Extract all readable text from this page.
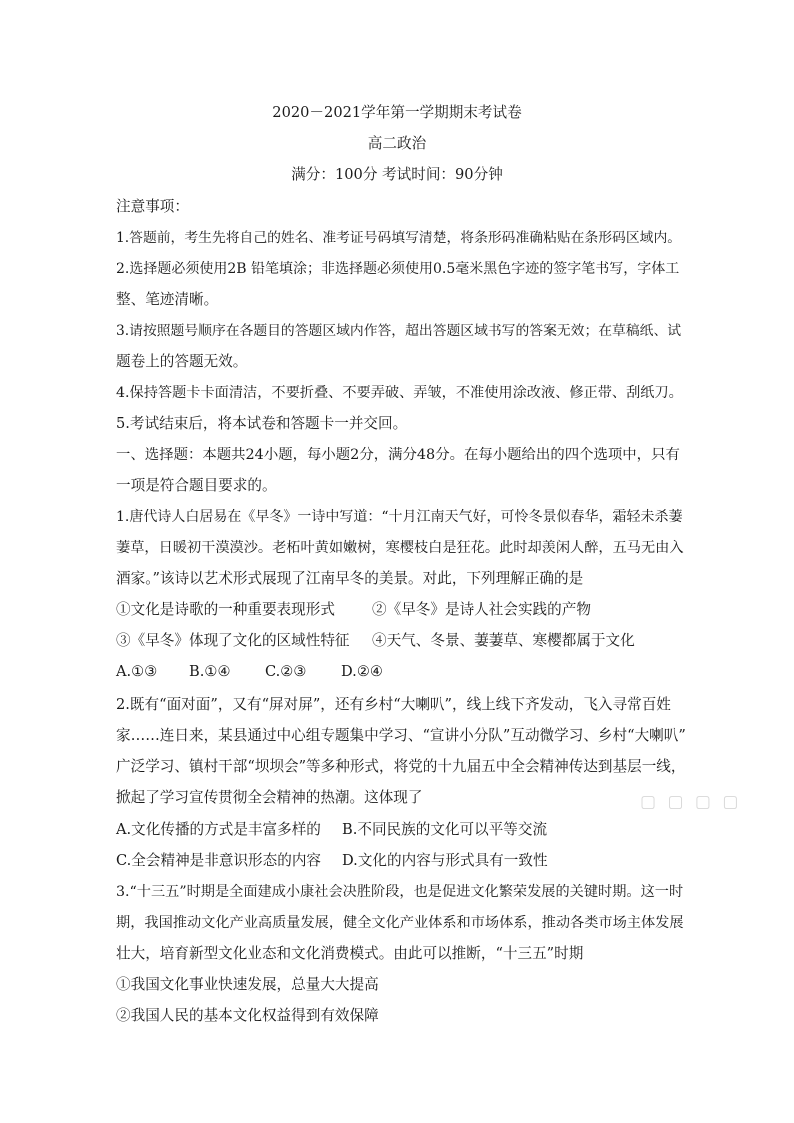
2020－2021学年第一学期期末考试卷
高二政治
满分：100分 考试时间：90分钟
注意事项：
1.答题前，考生先将自己的姓名、准考证号码填写清楚，将条形码准确粘贴在条形码区域内。
2.选择题必须使用2B 铅笔填涂；非选择题必须使用0.5毫米黑色字迹的签字笔书写，字体工
整、笔迹清晰。
3.请按照题号顺序在各题目的答题区域内作答，超出答题区域书写的答案无效；在草稿纸、试
题卷上的答题无效。
4.保持答题卡卡面清洁，不要折叠、不要弄破、弄皱，不准使用涂改液、修正带、刮纸刀。
5.考试结束后，将本试卷和答题卡一并交回。
一、选择题：本题共24小题，每小题2分，满分48分。在每小题给出的四个选项中，只有
一项是符合题目要求的。
1.唐代诗人白居易在《早冬》一诗中写道：“十月江南天气好，可怜冬景似春华，霜轻未杀萋
萋草，日暖初干漠漠沙。老柘叶黄如嫩树，寒樱枝白是狂花。此时却羡闲人醉，五马无由入
酒家。”该诗以艺术形式展现了江南早冬的美景。对此，下列理解正确的是
①文化是诗歌的一种重要表现形式	②《早冬》是诗人社会实践的产物
③《早冬》体现了文化的区域性特征 ④天气、冬景、萋萋草、寒樱都属于文化
A.①③ B.①④ C.②③ D.②④
2.既有“面对面”，又有“屏对屏”，还有乡村“大喇叭”，线上线下齐发动，飞入寻常百姓
家……连日来，某县通过中心组专题集中学习、“宣讲小分队”互动微学习、乡村“大喇叭”
广泛学习、镇村干部“坝坝会”等多种形式，将党的十九届五中全会精神传达到基层一线，
掀起了学习宣传贯彻全会精神的热潮。这体现了
A.文化传播的方式是丰富多样的 B.不同民族的文化可以平等交流
C.全会精神是非意识形态的内容 D.文化的内容与形式具有一致性
3.“十三五”时期是全面建成小康社会决胜阶段，也是促进文化繁荣发展的关键时期。这一时
期，我国推动文化产业高质量发展，健全文化产业体系和市场体系，推动各类市场主体发展
壮大，培育新型文化业态和文化消费模式。由此可以推断，“十三五”时期
①我国文化事业快速发展，总量大大提高
②我国人民的基本文化权益得到有效保障
▢ ▢ ▢ ▢
